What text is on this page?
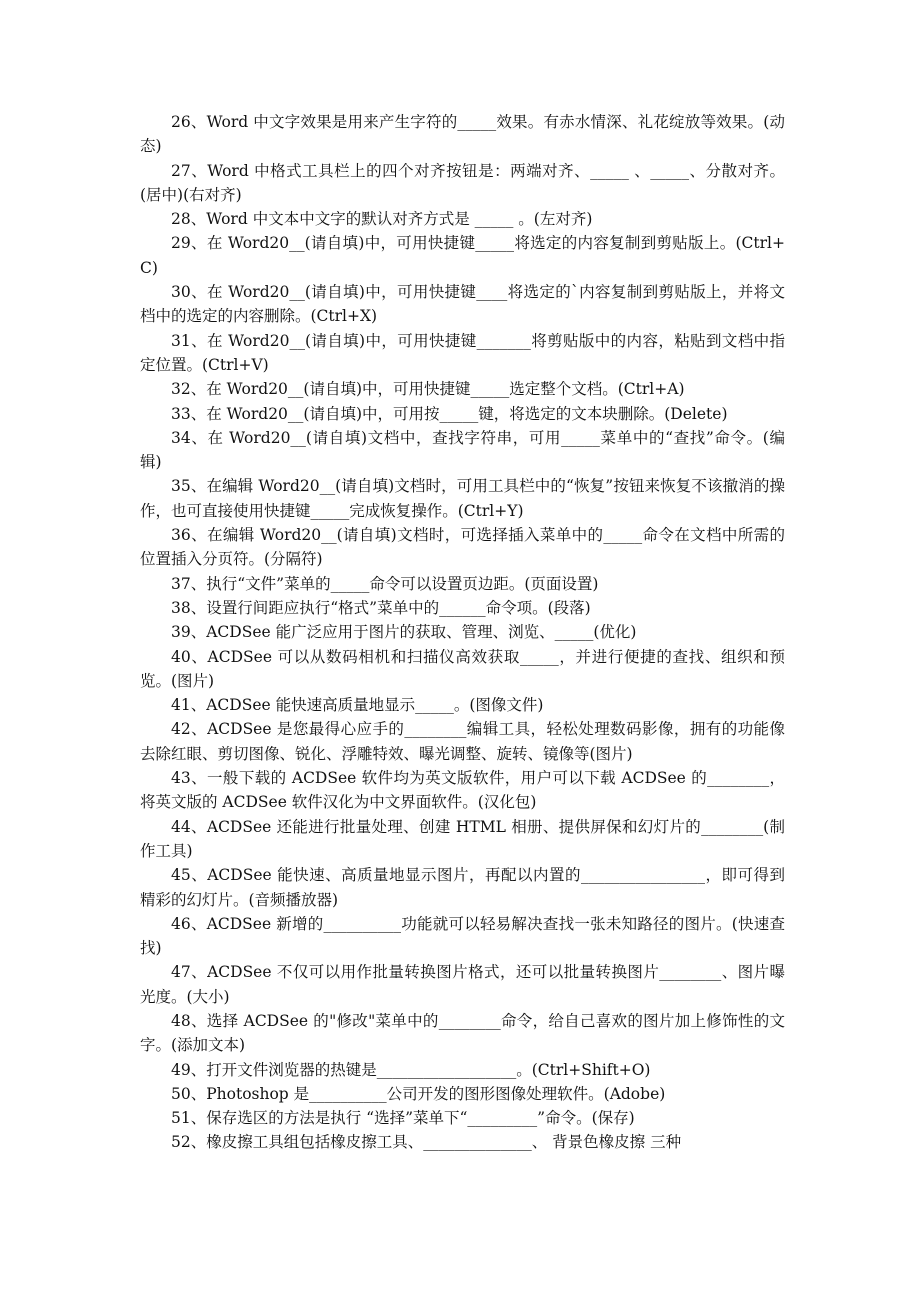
26、Word 中文字效果是用来产生字符的_____效果。有赤水情深、礼花绽放等效果。(动态)

27、Word 中格式工具栏上的四个对齐按钮是：两端对齐、_____ 、_____、分散对齐。(居中)(右对齐)

28、Word 中文本中文字的默认对齐方式是 _____ 。(左对齐)

29、在 Word20__(请自填)中，可用快捷键_____将选定的内容复制到剪贴版上。(Ctrl+C)

30、在 Word20__(请自填)中，可用快捷键____将选定的`内容复制到剪贴版上，并将文档中的选定的内容删除。(Ctrl+X)

31、在 Word20__(请自填)中，可用快捷键_______将剪贴版中的内容，粘贴到文档中指定位置。(Ctrl+V)

32、在 Word20__(请自填)中，可用快捷键_____选定整个文档。(Ctrl+A)

33、在 Word20__(请自填)中，可用按_____键，将选定的文本块删除。(Delete)

34、在 Word20__(请自填)文档中，查找字符串，可用_____菜单中的“查找”命令。(编辑)

35、在编辑 Word20__(请自填)文档时，可用工具栏中的“恢复”按钮来恢复不该撤消的操作，也可直接使用快捷键_____完成恢复操作。(Ctrl+Y)

36、在编辑 Word20__(请自填)文档时，可选择插入菜单中的_____命令在文档中所需的位置插入分页符。(分隔符)

37、执行“文件”菜单的_____命令可以设置页边距。(页面设置)

38、设置行间距应执行“格式”菜单中的______命令项。(段落)

39、ACDSee 能广泛应用于图片的获取、管理、浏览、_____(优化)

40、ACDSee 可以从数码相机和扫描仪高效获取_____，并进行便捷的查找、组织和预览。(图片)

41、ACDSee 能快速高质量地显示_____。(图像文件)

42、ACDSee 是您最得心应手的________编辑工具，轻松处理数码影像，拥有的功能像去除红眼、剪切图像、锐化、浮雕特效、曝光调整、旋转、镜像等(图片)

43、一般下载的 ACDSee 软件均为英文版软件，用户可以下载 ACDSee 的________，将英文版的 ACDSee 软件汉化为中文界面软件。(汉化包)

44、ACDSee 还能进行批量处理、创建 HTML 相册、提供屏保和幻灯片的________(制作工具)

45、ACDSee 能快速、高质量地显示图片，再配以内置的________________，即可得到精彩的幻灯片。(音频播放器)

46、ACDSee 新增的__________功能就可以轻易解决查找一张未知路径的图片。(快速查找)

47、ACDSee 不仅可以用作批量转换图片格式，还可以批量转换图片________、图片曝光度。(大小)

48、选择 ACDSee 的"修改"菜单中的________命令，给自己喜欢的图片加上修饰性的文字。(添加文本)

49、打开文件浏览器的热键是__________________。(Ctrl+Shift+O)

50、Photoshop 是__________公司开发的图形图像处理软件。(Adobe)

51、保存选区的方法是执行 “选择”菜单下“_________”命令。(保存)

52、橡皮擦工具组包括橡皮擦工具、______________、 背景色橡皮擦 三种
